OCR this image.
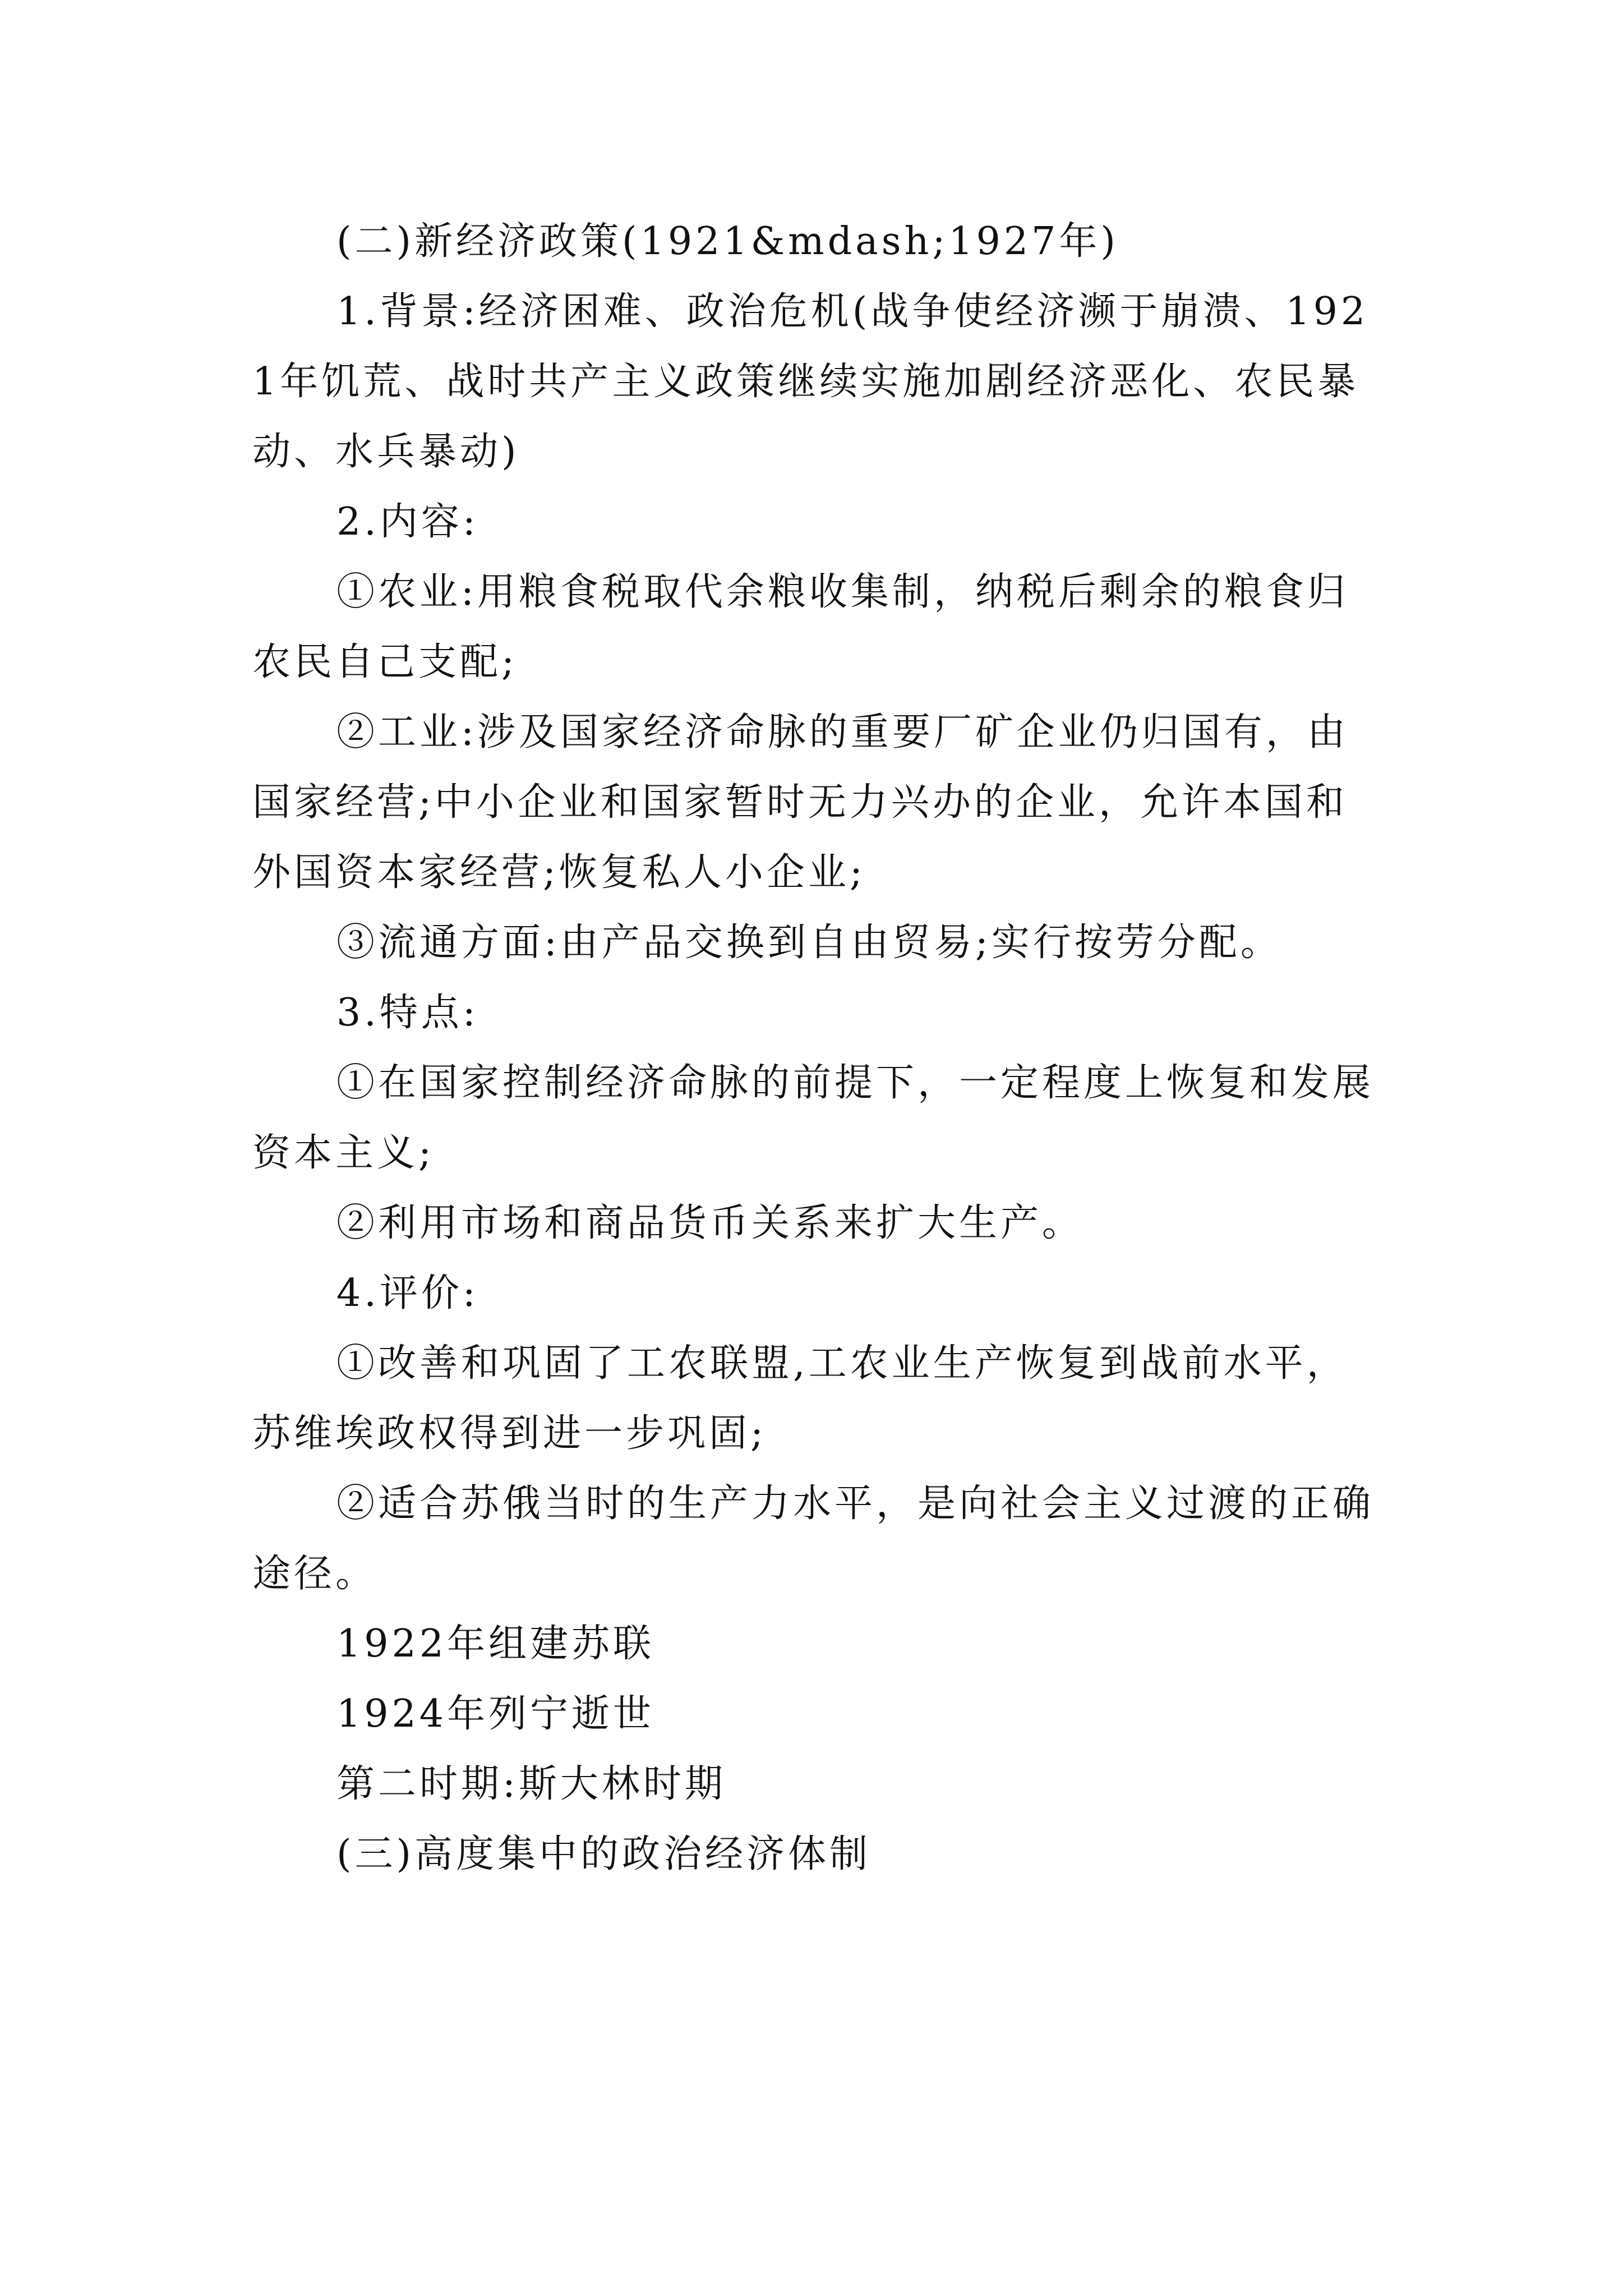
(二)新经济政策(1921&mdash;1927年)

1.背景:经济困难、政治危机(战争使经济濒于崩溃、1921年饥荒、战时共产主义政策继续实施加剧经济恶化、农民暴动、水兵暴动)

2.内容:

①农业:用粮食税取代余粮收集制，纳税后剩余的粮食归农民自己支配;

②工业:涉及国家经济命脉的重要厂矿企业仍归国有，由国家经营;中小企业和国家暂时无力兴办的企业，允许本国和外国资本家经营;恢复私人小企业;

③流通方面:由产品交换到自由贸易;实行按劳分配。

3.特点:

①在国家控制经济命脉的前提下，一定程度上恢复和发展资本主义;

②利用市场和商品货币关系来扩大生产。

4.评价:

①改善和巩固了工农联盟,工农业生产恢复到战前水平，苏维埃政权得到进一步巩固;

②适合苏俄当时的生产力水平，是向社会主义过渡的正确途径。

1922年组建苏联

1924年列宁逝世

第二时期:斯大林时期

(三)高度集中的政治经济体制
